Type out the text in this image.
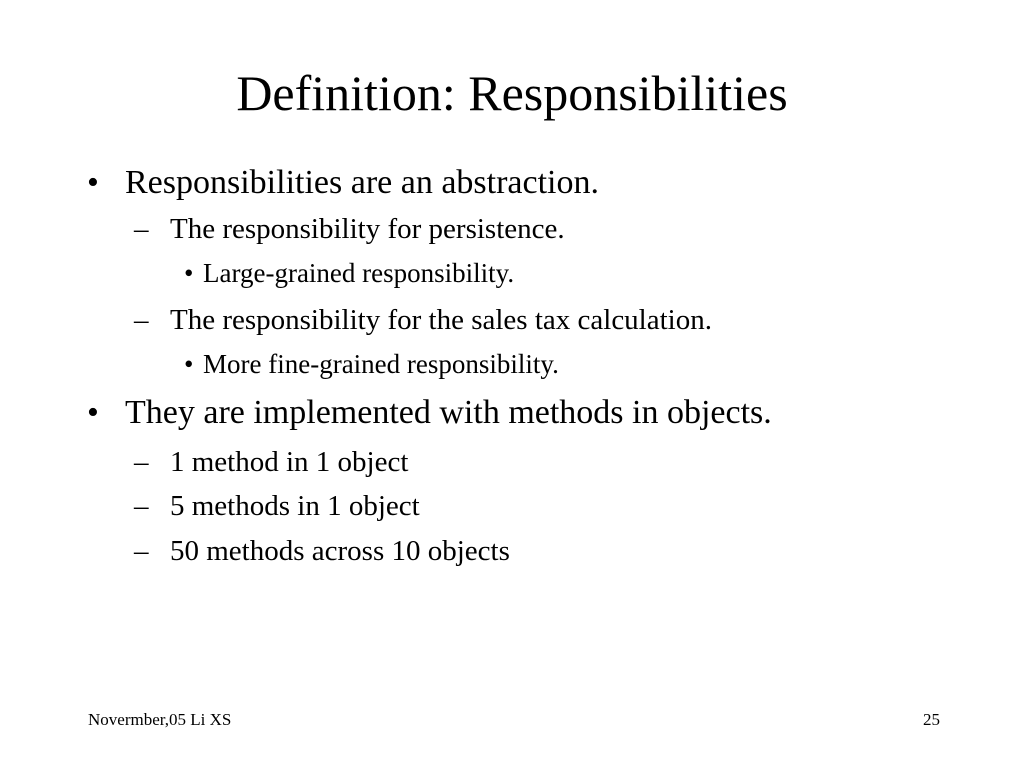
Definition: Responsibilities
• Responsibilities are an abstraction.
– The responsibility for persistence.
• Large-grained responsibility.
– The responsibility for the sales tax calculation.
• More fine-grained responsibility.
• They are implemented with methods in objects.
– 1 method in 1 object
– 5 methods in 1 object
– 50 methods across 10 objects
Novermber,05 Li XS	25
